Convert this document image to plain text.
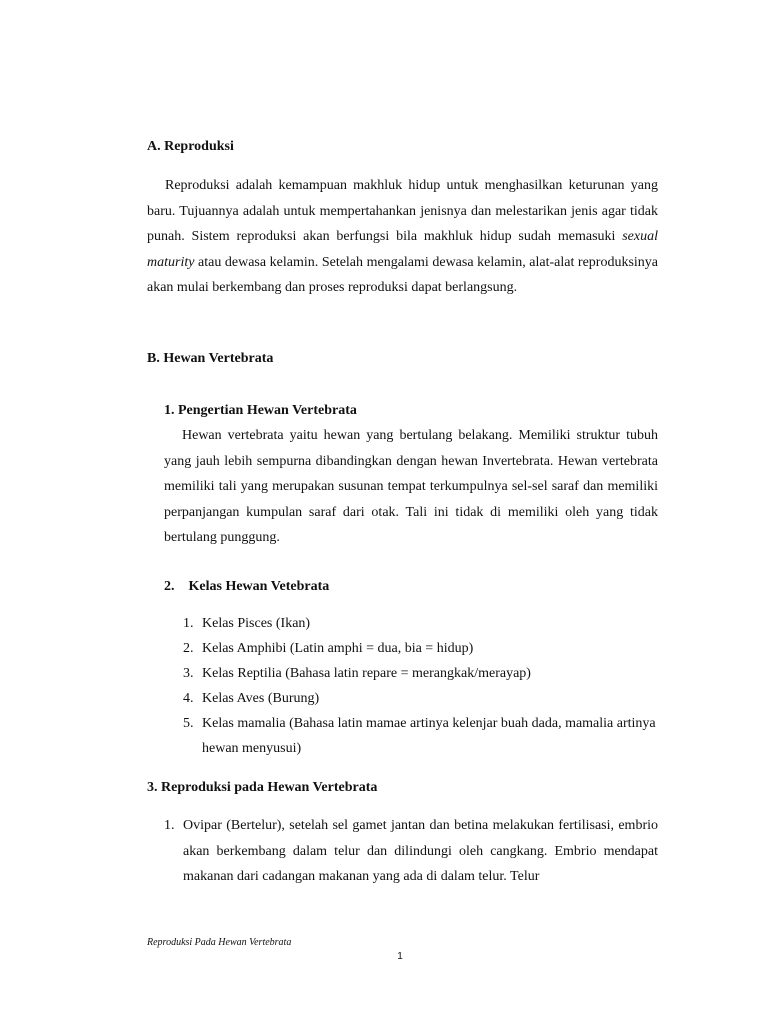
A. Reproduksi
Reproduksi adalah kemampuan makhluk hidup untuk menghasilkan keturunan yang baru. Tujuannya adalah untuk mempertahankan jenisnya dan melestarikan jenis agar tidak punah. Sistem reproduksi akan berfungsi bila makhluk hidup sudah memasuki sexual maturity atau dewasa kelamin. Setelah mengalami dewasa kelamin, alat-alat reproduksinya akan mulai berkembang dan proses reproduksi dapat berlangsung.
B. Hewan Vertebrata
1. Pengertian Hewan Vertebrata
Hewan vertebrata yaitu hewan yang bertulang belakang. Memiliki struktur tubuh yang jauh lebih sempurna dibandingkan dengan hewan Invertebrata. Hewan vertebrata memiliki tali yang merupakan susunan tempat terkumpulnya sel-sel saraf dan memiliki perpanjangan kumpulan saraf dari otak. Tali ini tidak di memiliki oleh yang tidak bertulang punggung.
2. Kelas Hewan Vetebrata
1. Kelas Pisces (Ikan)
2. Kelas Amphibi (Latin amphi = dua, bia = hidup)
3. Kelas Reptilia (Bahasa latin repare = merangkak/merayap)
4. Kelas Aves (Burung)
5. Kelas mamalia (Bahasa latin mamae artinya kelenjar buah dada, mamalia artinya hewan menyusui)
3. Reproduksi pada Hewan Vertebrata
1. Ovipar (Bertelur), setelah sel gamet jantan dan betina melakukan fertilisasi, embrio akan berkembang dalam telur dan dilindungi oleh cangkang. Embrio mendapat makanan dari cadangan makanan yang ada di dalam telur. Telur
Reproduksi Pada Hewan Vertebrata
1
